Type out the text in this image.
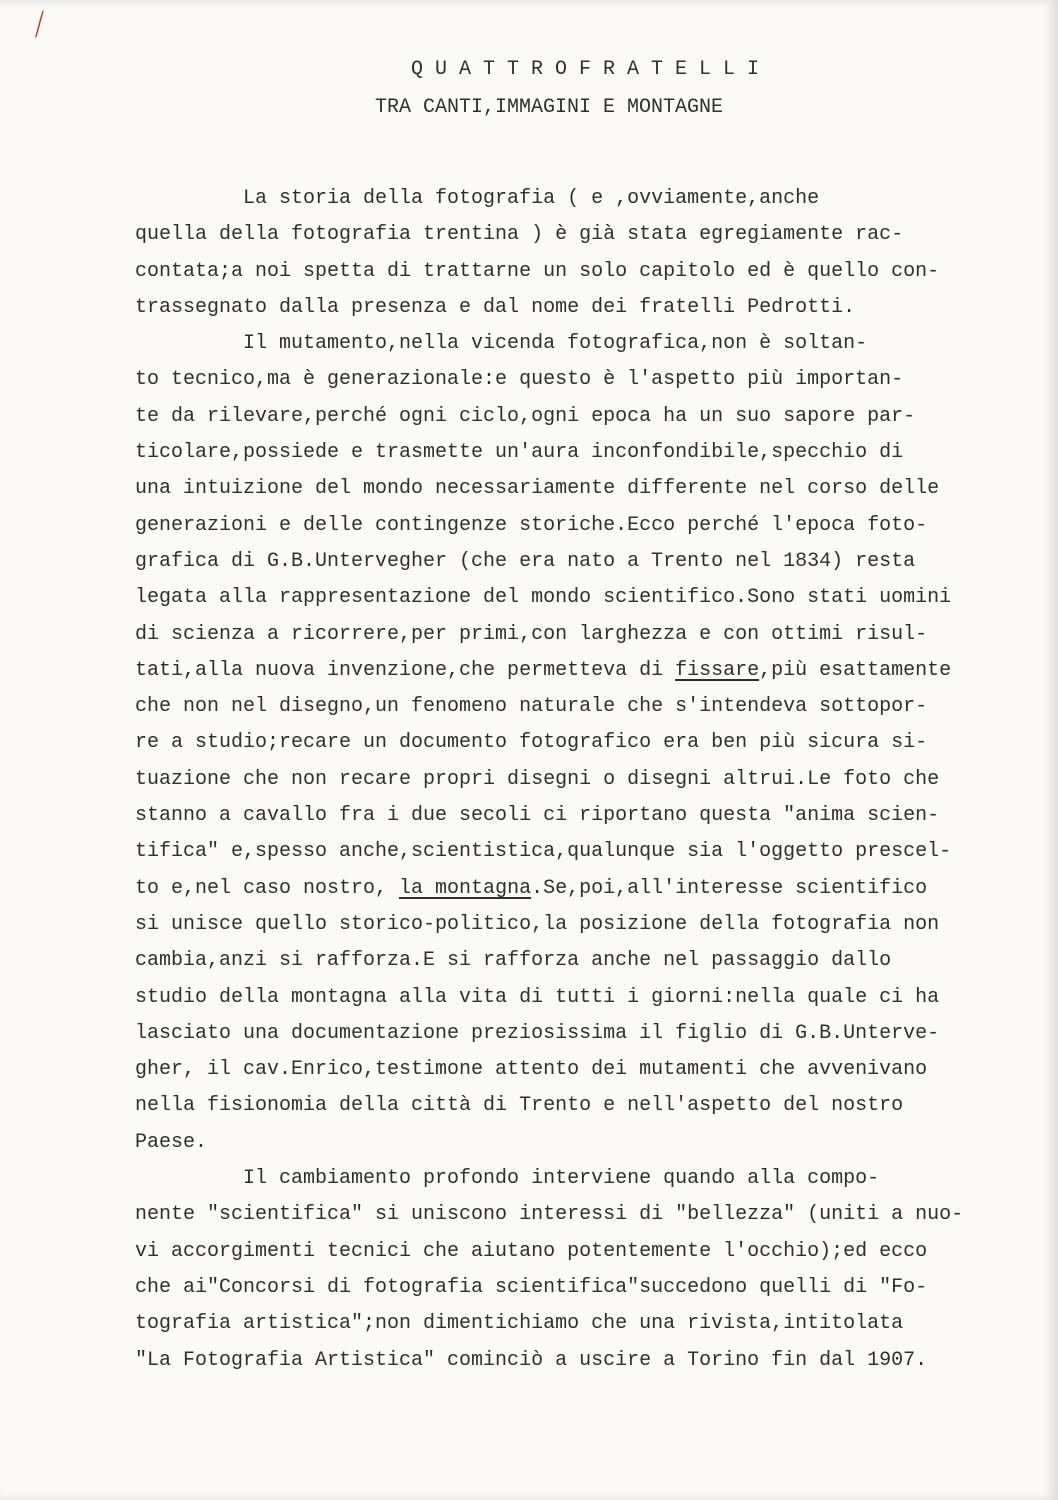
⟋
Q U A T T R O F R A T E L L I
TRA CANTI,IMMAGINI E MONTAGNE
La storia della fotografia ( e ,ovviamente,anche
quella della fotografia trentina ) è già stata egregiamente rac-
contata;a noi spetta di trattarne un solo capitolo ed è quello con-
trassegnato dalla presenza e dal nome dei fratelli Pedrotti.
Il mutamento,nella vicenda fotografica,non è soltan-
to tecnico,ma è generazionale:e questo è l'aspetto più importan-
te da rilevare,perché ogni ciclo,ogni epoca ha un suo sapore par-
ticolare,possiede e trasmette un'aura inconfondibile,specchio di
una intuizione del mondo necessariamente differente nel corso delle
generazioni e delle contingenze storiche.Ecco perché l'epoca foto-
grafica di G.B.Untervegher (che era nato a Trento nel 1834) resta
legata alla rappresentazione del mondo scientifico.Sono stati uomini
di scienza a ricorrere,per primi,con larghezza e con ottimi risul-
tati,alla nuova invenzione,che permetteva di fissare,più esattamente
che non nel disegno,un fenomeno naturale che s'intendeva sottopor-
re a studio;recare un documento fotografico era ben più sicura si-
tuazione che non recare propri disegni o disegni altrui.Le foto che
stanno a cavallo fra i due secoli ci riportano questa "anima scien-
tifica" e,spesso anche,scientistica,qualunque sia l'oggetto prescel-
to e,nel caso nostro, la montagna.Se,poi,all'interesse scientifico
si unisce quello storico-politico,la posizione della fotografia non
cambia,anzi si rafforza.E si rafforza anche nel passaggio dallo
studio della montagna alla vita di tutti i giorni:nella quale ci ha
lasciato una documentazione preziosissima il figlio di G.B.Unterve-
gher, il cav.Enrico,testimone attento dei mutamenti che avvenivano
nella fisionomia della città di Trento e nell'aspetto del nostro
Paese.
Il cambiamento profondo interviene quando alla compo-
nente "scientifica" si uniscono interessi di "bellezza" (uniti a nuo-
vi accorgimenti tecnici che aiutano potentemente l'occhio);ed ecco
che ai"Concorsi di fotografia scientifica"succedono quelli di "Fo-
tografia artistica";non dimentichiamo che una rivista,intitolata
"La Fotografia Artistica" cominciò a uscire a Torino fin dal 1907.
